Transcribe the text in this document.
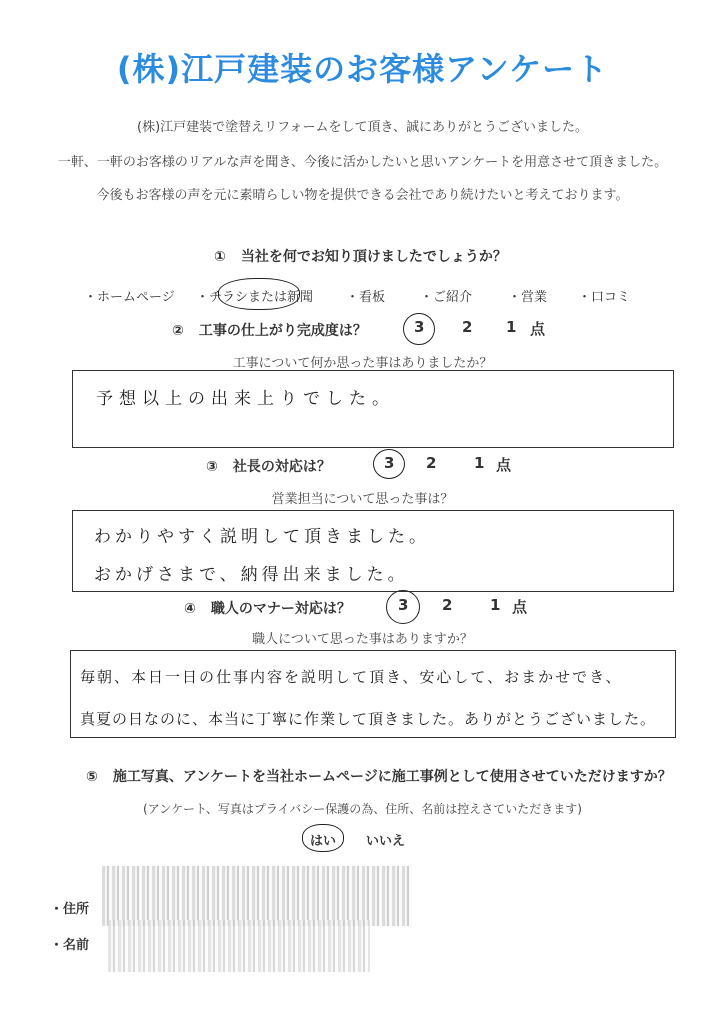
(株)江戸建装のお客様アンケート
(株)江戸建装で塗替えリフォームをして頂き、誠にありがとうございました。
一軒、一軒のお客様のリアルな声を聞き、今後に活かしたいと思いアンケートを用意させて頂きました。
今後もお客様の声を元に素晴らしい物を提供できる会社であり続けたいと考えております。
① 当社を何でお知り頂けましたでしょうか？
・ホームページ ・チラシまたは新聞	・看板	・ご紹介	・営業 ・口コミ
② 工事の仕上がり完成度は？	3	2 1 点
工事について何か思った事はありましたか？
予想以上の出来上りでした。
③ 社長の対応は？	3 2	1 点
営業担当について思った事は？
わかりやすく説明して頂きました。
おかげさまで、納得出来ました。
④ 職人のマナー対応は？	3 2	1 点
職人について思った事はありますか？
毎朝、本日一日の仕事内容を説明して頂き、安心して、おまかせでき、
真夏の日なのに、本当に丁寧に作業して頂きました。ありがとうございました。
⑤ 施工写真、アンケートを当社ホームページに施工事例として使用させていただけますか？
(アンケート、写真はプライバシー保護の為、住所、名前は控えさていただきます)
はい いいえ
・住所
・名前
